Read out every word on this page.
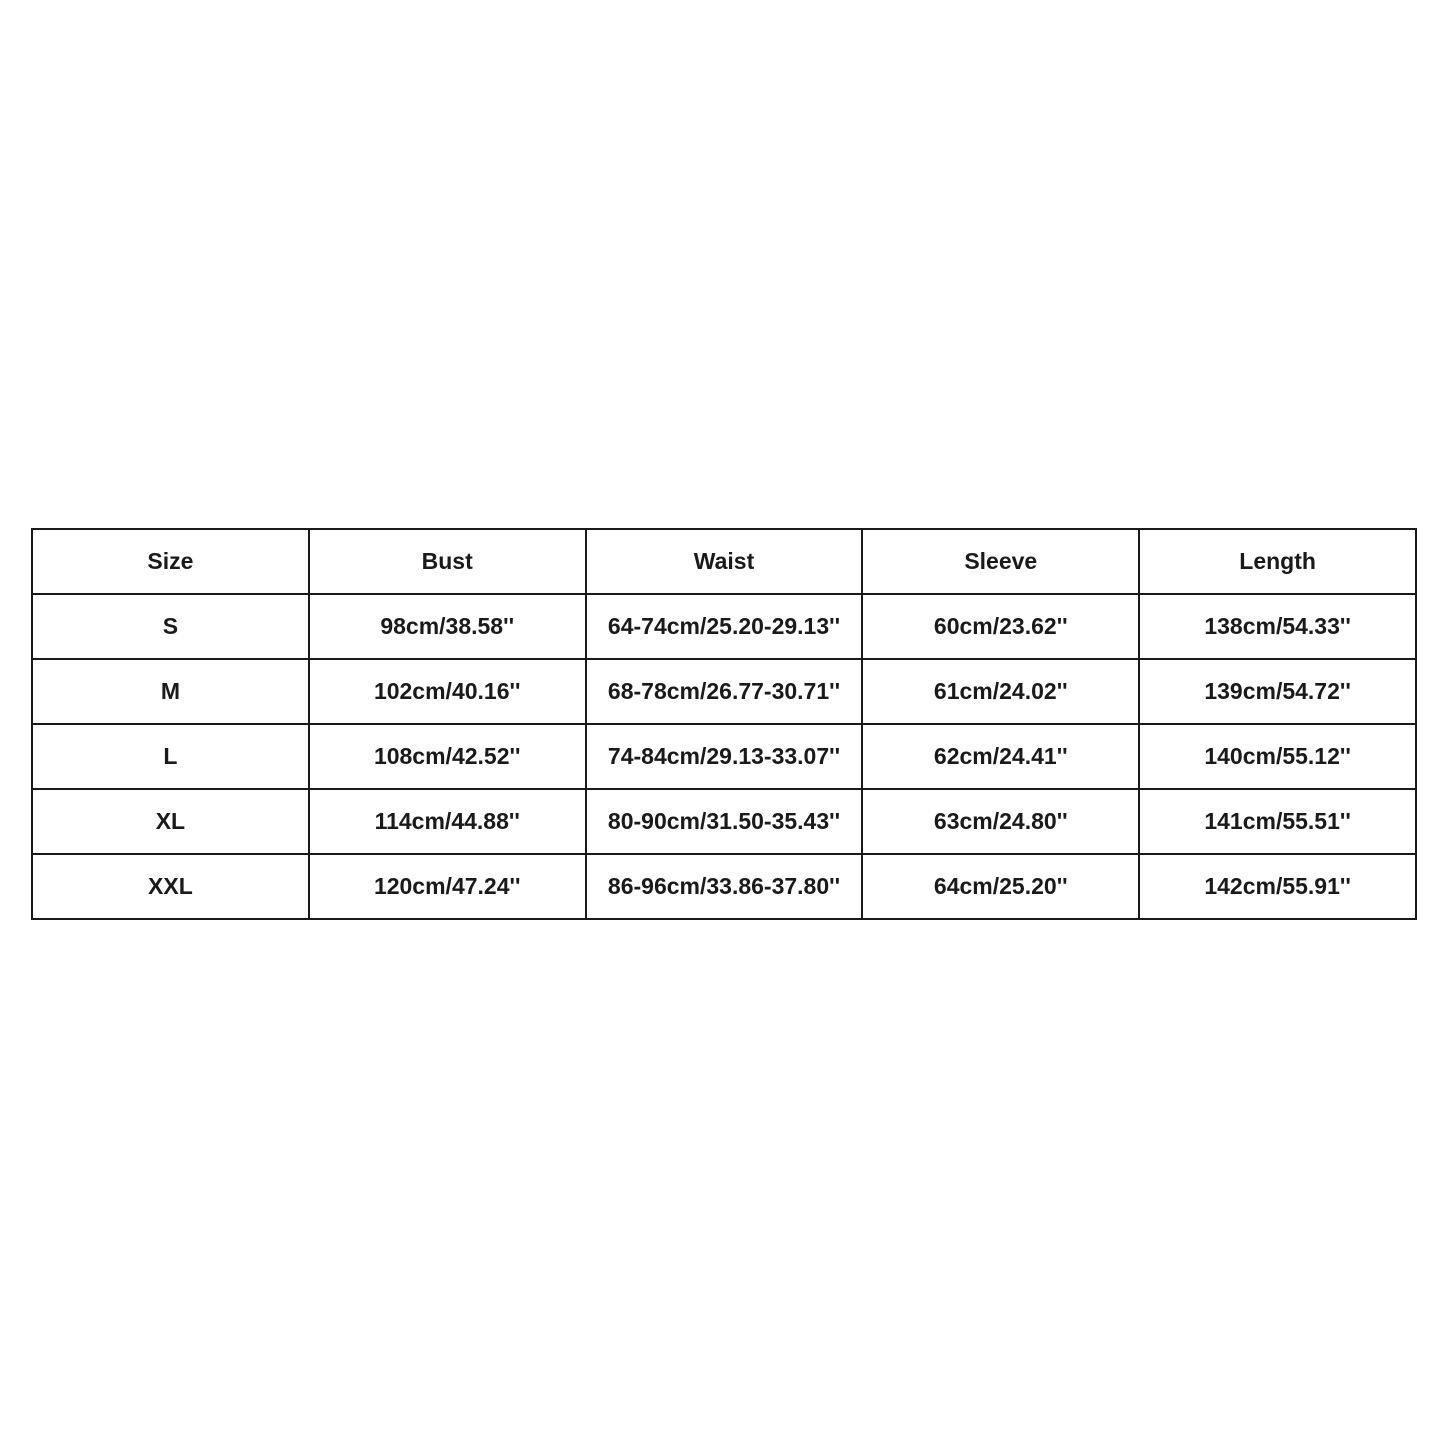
Size	Bust	Waist	Sleeve	Length
S	98cm/38.58''	64-74cm/25.20-29.13''	60cm/23.62''	138cm/54.33''
M	102cm/40.16''	68-78cm/26.77-30.71''	61cm/24.02''	139cm/54.72''
L	108cm/42.52''	74-84cm/29.13-33.07''	62cm/24.41''	140cm/55.12''
XL	114cm/44.88''	80-90cm/31.50-35.43''	63cm/24.80''	141cm/55.51''
XXL	120cm/47.24''	86-96cm/33.86-37.80''	64cm/25.20''	142cm/55.91''
